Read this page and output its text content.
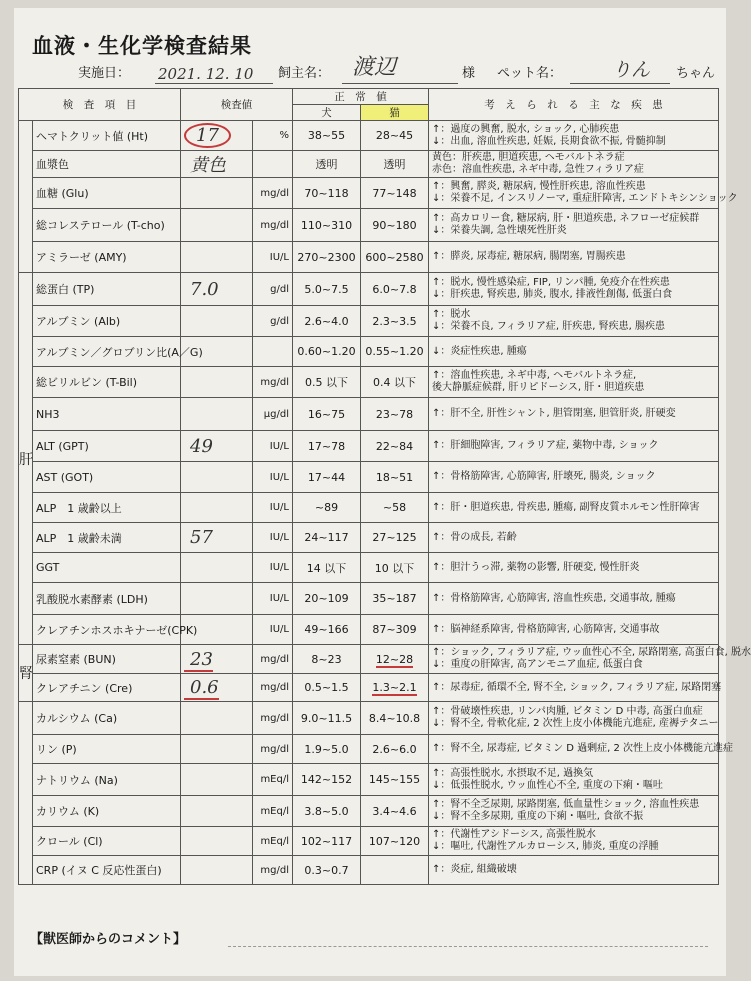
血液・生化学検査結果
実施日： 2021. 12. 10 飼主名： 渡辺	様 ペット名：	りん ちゃん
検　査　項　目		検査値		正　常　値		考　え　ら　れ　る　主　な　疾　患
				犬	猫	
	ヘマトクリット値 (Ht)	17	%	38~55	28~45	↑：過度の興奮, 脱水, ショック, 心肺疾患
↓：出血, 溶血性疾患, 妊娠, 長期食欲不振, 骨髄抑制

	血漿色	黄色		透明	透明	黄色：肝疾患, 胆道疾患, ヘモバルトネラ症
赤色：溶血性疾患, ネギ中毒, 急性フィラリア症

	血糖 (Glu)		mg/dl	70~118	77~148	↑：興奮, 膵炎, 糖尿病, 慢性肝疾患, 溶血性疾患
↓：栄養不足, インスリノーマ, 重症肝障害, エンドトキシンショック

	総コレステロール (T-cho)		mg/dl	110~310	90~180	↑：高カロリー食, 糖尿病, 肝・胆道疾患, ネフローゼ症候群
↓：栄養失調, 急性壊死性肝炎

	アミラーゼ (AMY)		IU/L	270~2300	600~2580	↑：膵炎, 尿毒症, 糖尿病, 腸閉塞, 胃腸疾患

肝	総蛋白 (TP)	7.0	g/dl	5.0~7.5	6.0~7.8	↑：脱水, 慢性感染症, FIP, リンパ腫, 免疫介在性疾患
↓：肝疾患, 腎疾患, 肺炎, 腹水, 排液性創傷, 低蛋白食

	アルブミン (Alb)		g/dl	2.6~4.0	2.3~3.5	↑：脱水
↓：栄養不良, フィラリア症, 肝疾患, 腎疾患, 腸疾患

	アルブミン／グロブリン比(A／G)			0.60~1.20	0.55~1.20	↓：炎症性疾患, 腫瘍

	総ビリルビン (T-Bil)		mg/dl	0.5 以下	0.4 以下	↑：溶血性疾患, ネギ中毒, ヘモバルトネラ症,
後大静脈症候群, 肝リピドーシス, 肝・胆道疾患

	NH3		μg/dl	16~75	23~78	↑：肝不全, 肝性シャント, 胆管閉塞, 胆管肝炎, 肝硬変

	ALT (GPT)	49	IU/L	17~78	22~84	↑：肝細胞障害, フィラリア症, 薬物中毒, ショック

	AST (GOT)		IU/L	17~44	18~51	↑：骨格筋障害, 心筋障害, 肝壊死, 腸炎, ショック

	ALP　1 歳齢以上		IU/L	~89	~58	↑：肝・胆道疾患, 骨疾患, 腫瘍, 副腎皮質ホルモン性肝障害

	ALP　1 歳齢未満	57	IU/L	24~117	27~125	↑：骨の成長, 若齢

	GGT		IU/L	14 以下	10 以下	↑：胆汁うっ滞, 薬物の影響, 肝硬変, 慢性肝炎

	乳酸脱水素酵素 (LDH)		IU/L	20~109	35~187	↑：骨格筋障害, 心筋障害, 溶血性疾患, 交通事故, 腫瘍

	クレアチンホスホキナーゼ(CPK)		IU/L	49~166	87~309	↑：脳神経系障害, 骨格筋障害, 心筋障害, 交通事故

腎	尿素窒素 (BUN)	23	mg/dl	8~23	12~28	↑：ショック, フィラリア症, ウッ血性心不全, 尿路閉塞, 高蛋白食, 脱水
↓：重度の肝障害, 高アンモニア血症, 低蛋白食

	クレアチニン (Cre)	0.6	mg/dl	0.5~1.5	1.3~2.1	↑：尿毒症, 循環不全, 腎不全, ショック, フィラリア症, 尿路閉塞

	カルシウム (Ca)		mg/dl	9.0~11.5	8.4~10.8	↑：骨破壊性疾患, リンパ肉腫, ビタミン D 中毒, 高蛋白血症
↓：腎不全, 骨軟化症, 2 次性上皮小体機能亢進症, 産褥テタニー

	リン (P)		mg/dl	1.9~5.0	2.6~6.0	↑：腎不全, 尿毒症, ビタミン D 過剰症, 2 次性上皮小体機能亢進症

	ナトリウム (Na)		mEq/l	142~152	145~155	↑：高張性脱水, 水摂取不足, 過換気
↓：低張性脱水, ウッ血性心不全, 重度の下痢・嘔吐

	カリウム (K)		mEq/l	3.8~5.0	3.4~4.6	↑：腎不全乏尿期, 尿路閉塞, 低血量性ショック, 溶血性疾患
↓：腎不全多尿期, 重度の下痢・嘔吐, 食欲不振

	クロール (Cl)		mEq/l	102~117	107~120	↑：代謝性アシドーシス, 高張性脱水
↓：嘔吐, 代謝性アルカローシス, 肺炎, 重度の浮腫

	CRP (イヌ C 反応性蛋白)		mg/dl	0.3~0.7		↑：炎症, 組織破壊
【獣医師からのコメント】
